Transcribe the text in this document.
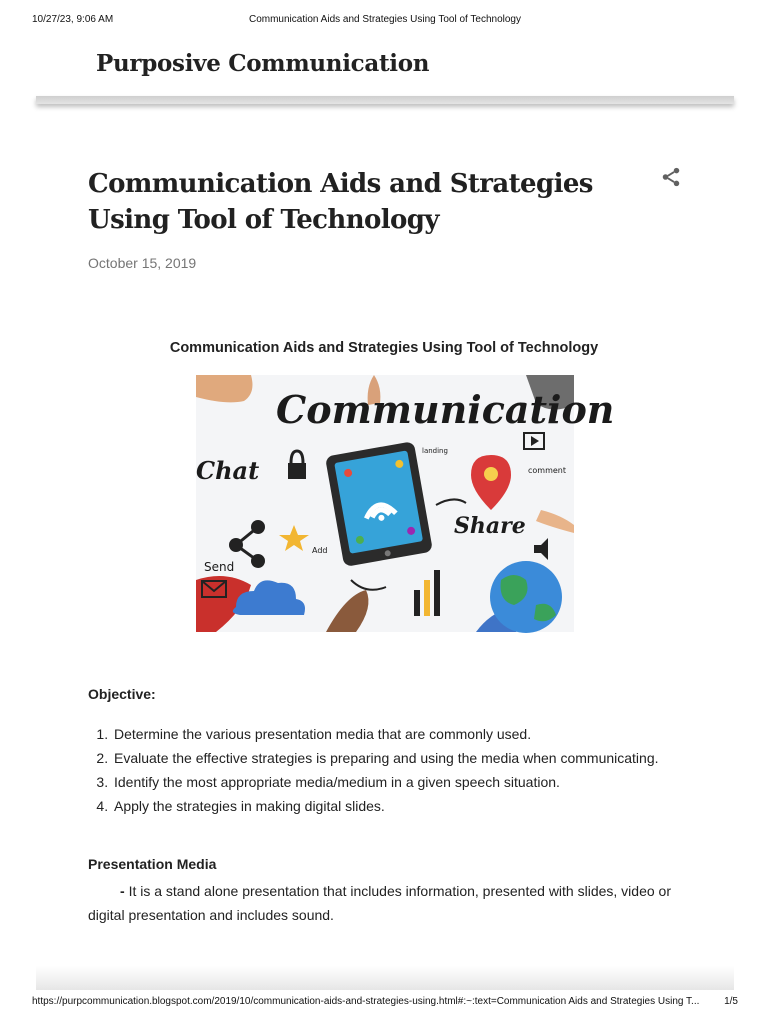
10/27/23, 9:06 AM	Communication Aids and Strategies Using Tool of Technology
Purposive Communication
Communication Aids and Strategies Using Tool of Technology
October 15, 2019
Communication Aids and Strategies Using Tool of Technology
Communication
Chat
Share
Send
comment
Add
landing
Objective:
1. Determine the various presentation media that are commonly used.
2. Evaluate the effective strategies is preparing and using the media when communicating.
3. Identify the most appropriate media/medium in a given speech situation.
4. Apply the strategies in making digital slides.
Presentation Media

- It is a stand alone presentation that includes information, presented with slides, video or digital presentation and includes sound.

https://purpcommunication.blogspot.com/2019/10/communication-aids-and-strategies-using.html#:~:text=Communication Aids and Strategies Using T... 1/5
